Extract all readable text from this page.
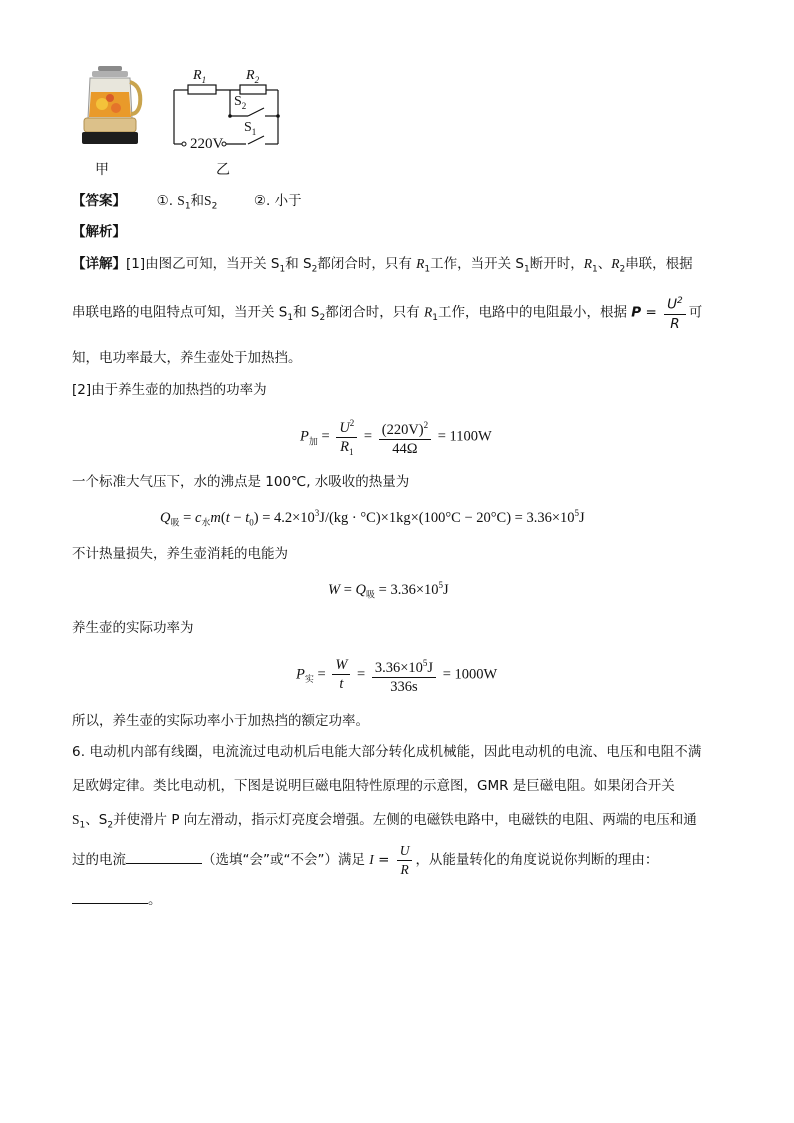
甲
$R_1$	$R_2$
$S_2$
$S_1$
220V
乙
【答案】 ①. $S_1$和$S_2$	②. 小于
【解析】
【详解】[1]由图乙可知，当开关 $S_1$和 $S_2$都闭合时，只有 $R_1$工作，当开关 $S_1$断开时，$R_1$、$R_2$串联，根据
串联电路的电阻特点可知，当开关 $S_1$和 $S_2$都闭合时，只有 $R_1$工作，电路中的电阻最小，根据 $P = \frac{U^2}{R}$ 可
知，电功率最大，养生壶处于加热挡。
[2]由于养生壶的加热挡的功率为
$P_加 = \frac{U^2}{R_1} = \frac{(220V)^2}{44\Omega} = 1100W$
一个标准大气压下，水的沸点是 100℃, 水吸收的热量为
$Q_吸 = c_水m(t - t_0) = 4.2\times 10^3J/(kg \cdot ^\circ C)\times 1kg\times(100^\circ C - 20^\circ C) = 3.36\times 10^5J$
不计热量损失，养生壶消耗的电能为
$W = Q_吸 = 3.36\times 10^5J$
养生壶的实际功率为
$P_实 = \frac{W}{t} = \frac{3.36\times 10^5J}{336s} = 1000W$
所以，养生壶的实际功率小于加热挡的额定功率。
6. 电动机内部有线圈，电流流过电动机后电能大部分转化成机械能，因此电动机的电流、电压和电阻不满
足欧姆定律。类比电动机，下图是说明巨磁电阻特性原理的示意图，GMR 是巨磁电阻。如果闭合开关
$S_1$、$S_2$并使滑片 P 向左滑动，指示灯亮度会增强。左侧的电磁铁电路中，电磁铁的电阻、两端的电压和通
过的电流	（选填“会”或“不会”）满足 $I = \frac{U}{R}$ ，从能量转化的角度说说你判断的理由：
。
